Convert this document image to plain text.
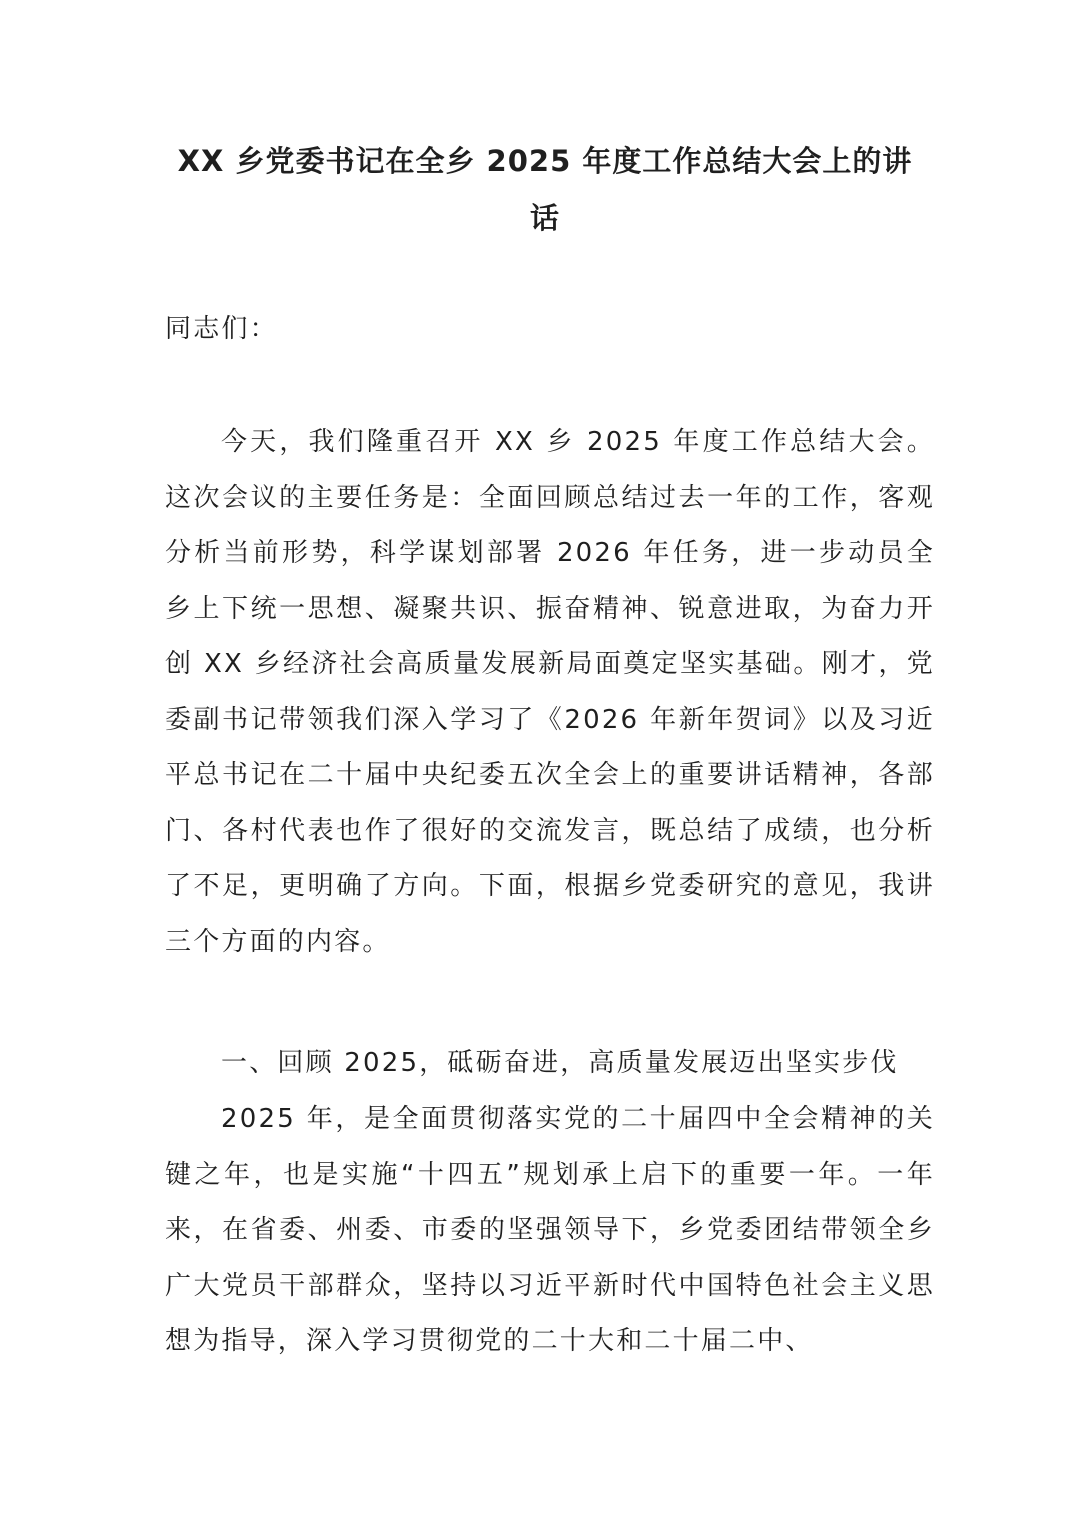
XX 乡党委书记在全乡 2025 年度工作总结大会上的讲话

同志们：

今天，我们隆重召开 XX 乡 2025 年度工作总结大会。这次会议的主要任务是：全面回顾总结过去一年的工作，客观分析当前形势，科学谋划部署 2026 年任务，进一步动员全乡上下统一思想、凝聚共识、振奋精神、锐意进取，为奋力开创 XX 乡经济社会高质量发展新局面奠定坚实基础。刚才，党委副书记带领我们深入学习了《2026 年新年贺词》以及习近平总书记在二十届中央纪委五次全会上的重要讲话精神，各部门、各村代表也作了很好的交流发言，既总结了成绩，也分析了不足，更明确了方向。下面，根据乡党委研究的意见，我讲三个方面的内容。

一、回顾 2025，砥砺奋进，高质量发展迈出坚实步伐

2025 年，是全面贯彻落实党的二十届四中全会精神的关键之年，也是实施“十四五”规划承上启下的重要一年。一年来，在省委、州委、市委的坚强领导下，乡党委团结带领全乡广大党员干部群众，坚持以习近平新时代中国特色社会主义思想为指导，深入学习贯彻党的二十大和二十届二中、
